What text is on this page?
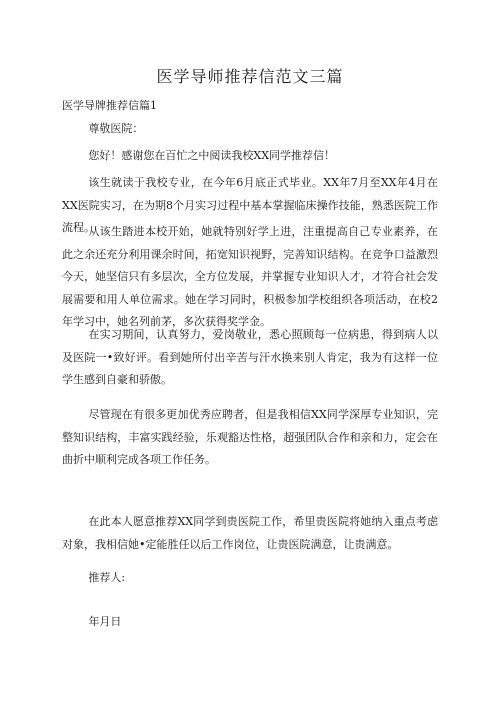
医学导师推荐信范文三篇

医学导牌推荐信篇1

尊敬医院：

您好！感谢您在百忙之中阅读我校XX同学推荐信！

该生就读于我校专业，在今年6月底正式毕业。XX年7月至XX年4月在XX医院实习，在为期8个月实习过程中基本掌握临床操作技能，熟悉医院工作流程。

从该生踏进本校开始，她就特别好学上进，注重提高自己专业素养，在此之余还充分利用课余时间，拓宽知识视野，完善知识结构。在竞争口益激烈今天，她坚信只有多层次，全方位发展，并掌握专业知识人才，才符合社会发展需要和用人单位需求。她在学习同时，积极参加学校组织各项活动，在校2年学习中，她名列前茅，多次获得奖学金。

在实习期间，认真努力，爱岗敬业，悉心照顾每一位病患，得到病人以及医院一•致好评。看到她所付出辛苦与汗水换来别人肯定，我为有这样一位学生感到自豪和骄傲。

尽管现在有很多更加优秀应聘者，但是我相信XX同学深厚专业知识，完整知识结构，丰富实践经验，乐观豁达性格，超强团队合作和亲和力，定会在曲折中顺利完成各项工作任务。

在此本人愿意推荐XX同学到贵医院工作，希里贵医院将她纳入重点考虑对象，我相信她•定能胜任以后工作岗位，让贵医院满意，让贵满意。

推荐人:

年月日
